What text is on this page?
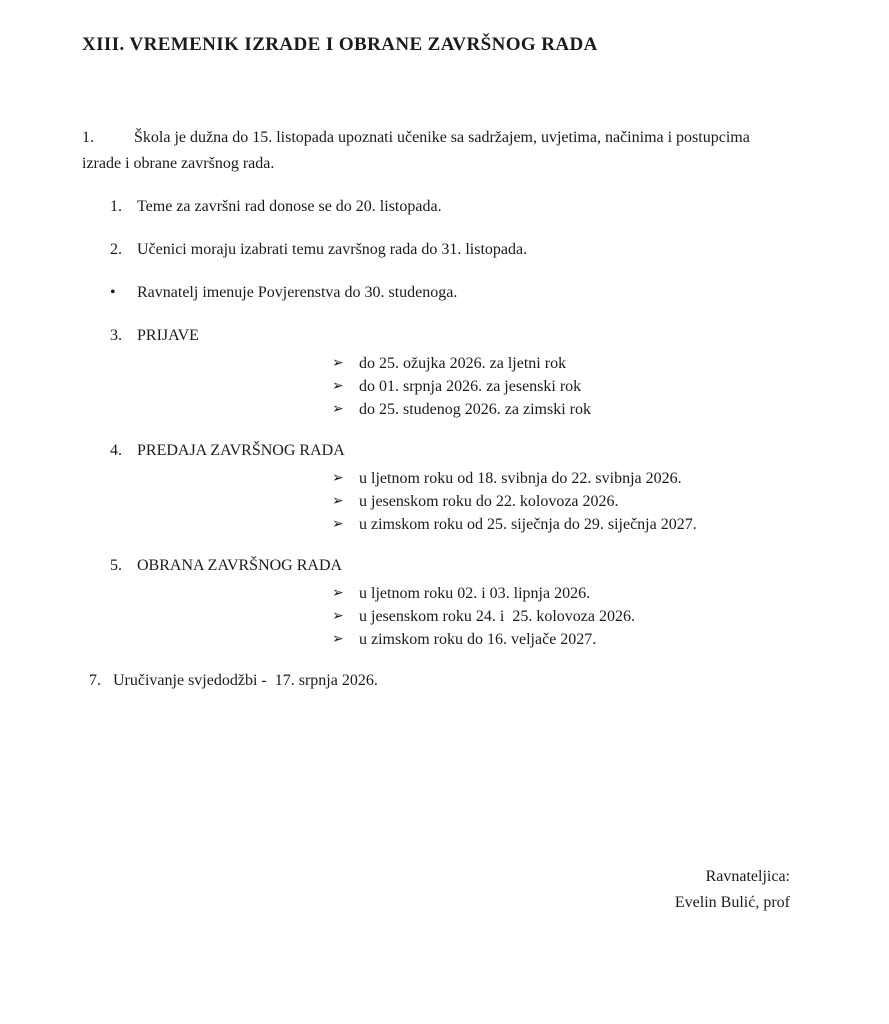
XIII. VREMENIK IZRADE I OBRANE ZAVRŠNOG RADA

1.	Škola je dužna do 15. listopada upoznati učenike sa sadržajem, uvjetima, načinima i postupcima izrade i obrane završnog rada.

1. Teme za završni rad donose se do 20. listopada.
2. Učenici moraju izabrati temu završnog rada do 31. listopada.
•	Ravnatelj imenuje Povjerenstva do 30. studenoga.
3. PRIJAVE
➢ do 25. ožujka 2026. za ljetni rok
➢ do 01. srpnja 2026. za jesenski rok
➢ do 25. studenog 2026. za zimski rok
4. PREDAJA ZAVRŠNOG RADA
➢ u ljetnom roku od 18. svibnja do 22. svibnja 2026.
➢ u jesenskom roku do 22. kolovoza 2026.
➢ u zimskom roku od 25. siječnja do 29. siječnja 2027.
5. OBRANA ZAVRŠNOG RADA
➢ u ljetnom roku 02. i 03. lipnja 2026.
➢ u jesenskom roku 24. i  25. kolovoza 2026.
➢ u zimskom roku do 16. veljače 2027.
7. Uručivanje svjedodžbi -  17. srpnja 2026.
Ravnateljica:
Evelin Bulić, prof
